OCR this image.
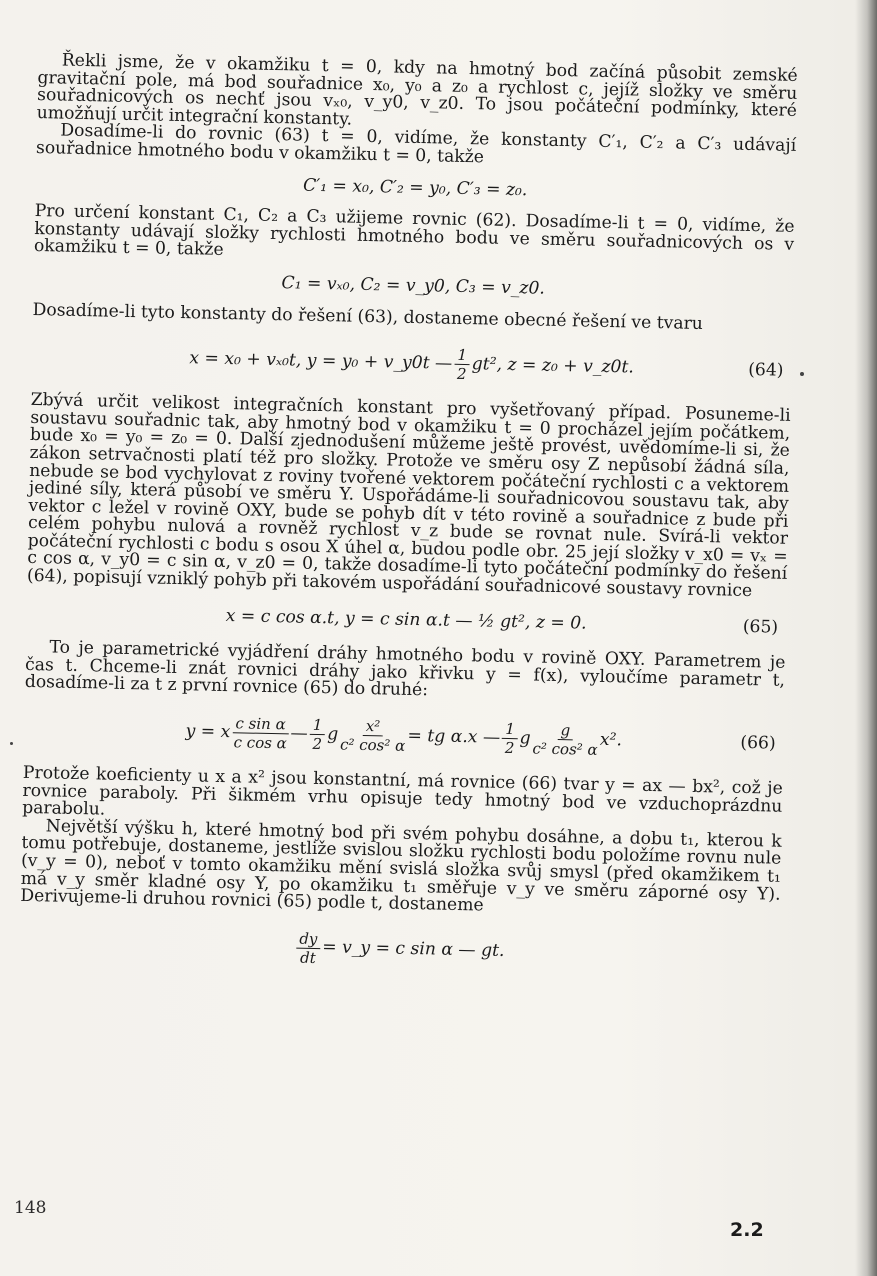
Řekli jsme, že v okamžiku t = 0, kdy na hmotný bod začíná působit zemské gravitační pole, má bod souřadnice x₀, y₀ a z₀ a rychlost c, jejíž složky ve směru souřadnicových os nechť jsou vₓ₀, v_y0, v_z0. To jsou počáteční podmínky, které umožňují určit integrační konstanty.

Dosadíme-li do rovnic (63) t = 0, vidíme, že konstanty C′₁, C′₂ a C′₃ udávají souřadnice hmotného bodu v okamžiku t = 0, takže

C′₁ = x₀, C′₂ = y₀, C′₃ = z₀.

Pro určení konstant C₁, C₂ a C₃ užijeme rovnic (62). Dosadíme-li t = 0, vidíme, že konstanty udávají složky rychlosti hmotného bodu ve směru souřadnicových os v okamžiku t = 0, takže

C₁ = vₓ₀, C₂ = v_y0, C₃ = v_z0.

Dosadíme-li tyto konstanty do řešení (63), dostaneme obecné řešení ve tvaru

x = x₀ + vₓ₀t, y = y₀ + v_y0t — $\frac{1}{2} gt^2$, z = z₀ + v_z0t.	(64)

Zbývá určit velikost integračních konstant pro vyšetřovaný případ. Posuneme-li soustavu souřadnic tak, aby hmotný bod v okamžiku t = 0 procházel jejím počátkem, bude x₀ = y₀ = z₀ = 0. Další zjednodušení můžeme ještě provést, uvědomíme-li si, že zákon setrvačnosti platí též pro složky. Protože ve směru osy Z nepůsobí žádná síla, nebude se bod vychylovat z roviny tvořené vektorem počáteční rychlosti c a vektorem jediné síly, která působí ve směru Y. Uspořádáme-li souřadnicovou soustavu tak, aby vektor c ležel v rovině OXY, bude se pohyb dít v této rovině a souřadnice z bude při celém pohybu nulová a rovněž rychlost v_z bude se rovnat nule. Svírá-li vektor počáteční rychlosti c bodu s osou X úhel α, budou podle obr. 25 její složky v_x0 = vₓ = c cos α, v_y0 = c sin α, v_z0 = 0, takže dosadíme-li tyto počáteční podmínky do řešení (64), popisují vzniklý pohyb při takovém uspořádání souřadnicové soustavy rovnice

x = c cos α.t, y = c sin α.t — ½ gt², z = 0.	(65)

To je parametrické vyjádření dráhy hmotného bodu v rovině OXY. Parametrem je čas t. Chceme-li znát rovnici dráhy jako křivku y = f(x), vyloučíme parametr t, dosadíme-li za t z první rovnice (65) do druhé:

y = x $\frac{\text{c sin α}}{\text{c cos α}}$ — $\frac{1}{2}$ g $\frac{\text{x²}}{\text{c² cos² α}}$ = tg α.x — $\frac{1}{2}$ g $\frac{g}{\text{c² cos² α}} x^2$.	(66)

Protože koeficienty u x a x² jsou konstantní, má rovnice (66) tvar y = ax — bx², což je rovnice paraboly. Při šikmém vrhu opisuje tedy hmotný bod ve vzduchoprázdnu parabolu.

Největší výšku h, které hmotný bod při svém pohybu dosáhne, a dobu t₁, kterou k tomu potřebuje, dostaneme, jestliže svislou složku rychlosti bodu položíme rovnu nule (v_y = 0), neboť v tomto okamžiku mění svislá složka svůj smysl (před okamžikem t₁ má v_y směr kladné osy Y, po okamžiku t₁ směřuje v_y ve směru záporné osy Y). Derivujeme-li druhou rovnici (65) podle t, dostaneme

$\frac{dy}{dt}$ = v_y = c sin α — gt.
148
2.2
